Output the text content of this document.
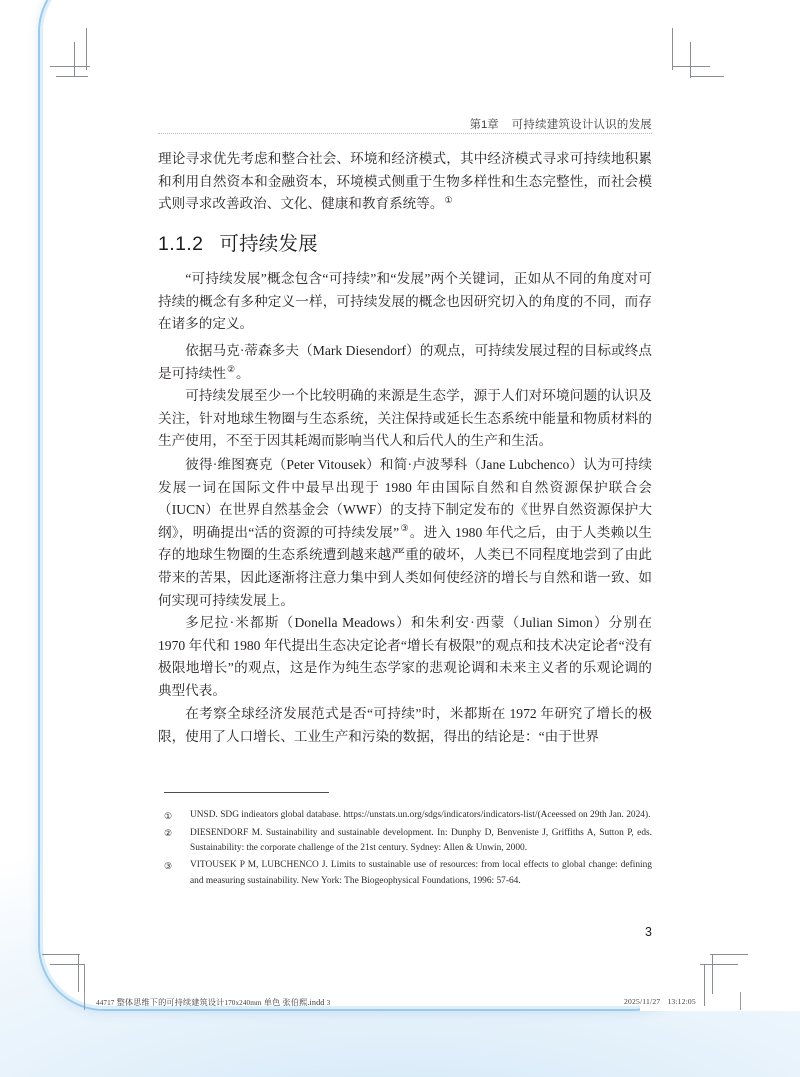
第1章 可持续建筑设计认识的发展

理论寻求优先考虑和整合社会、环境和经济模式，其中经济模式寻求可持续地积累和利用自然资本和金融资本，环境模式侧重于生物多样性和生态完整性，而社会模式则寻求改善政治、文化、健康和教育系统等。①

1.1.2 可持续发展

“可持续发展”概念包含“可持续”和“发展”两个关键词，正如从不同的角度对可持续的概念有多种定义一样，可持续发展的概念也因研究切入的角度的不同，而存在诸多的定义。

依据马克·蒂森多夫（Mark Diesendorf）的观点，可持续发展过程的目标或终点是可持续性②。

可持续发展至少一个比较明确的来源是生态学，源于人们对环境问题的认识及关注，针对地球生物圈与生态系统，关注保持或延长生态系统中能量和物质材料的生产使用，不至于因其耗竭而影响当代人和后代人的生产和生活。

彼得·维图赛克（Peter Vitousek）和简·卢波琴科（Jane Lubchenco）认为可持续发展一词在国际文件中最早出现于 1980 年由国际自然和自然资源保护联合会（IUCN）在世界自然基金会（WWF）的支持下制定发布的《世界自然资源保护大纲》，明确提出“活的资源的可持续发展”③。进入 1980 年代之后，由于人类赖以生存的地球生物圈的生态系统遭到越来越严重的破坏，人类已不同程度地尝到了由此带来的苦果，因此逐渐将注意力集中到人类如何使经济的增长与自然和谐一致、如何实现可持续发展上。

多尼拉·米都斯（Donella Meadows）和朱利安·西蒙（Julian Simon）分别在 1970 年代和 1980 年代提出生态决定论者“增长有极限”的观点和技术决定论者“没有极限地增长”的观点，这是作为纯生态学家的悲观论调和未来主义者的乐观论调的典型代表。

在考察全球经济发展范式是否“可持续”时，米都斯在 1972 年研究了增长的极限，使用了人口增长、工业生产和污染的数据，得出的结论是：“由于世界

①	UNSD. SDG indieators global database. https://unstats.un.org/sdgs/indicators/indicators-list/(Aceessed on 29th Jan. 2024).
②	DIESENDORF M. Sustainability and sustainable development. In: Dunphy D, Benveniste J, Griffiths A, Sutton P, eds. Sustainability: the corporate challenge of the 21st century. Sydney: Allen & Unwin, 2000.
③	VITOUSEK P M, LUBCHENCO J. Limits to sustainable use of resources: from local effects to global change: defining and measuring sustainability. New York: The Biogeophysical Foundations, 1996: 57-64.
3
44717 整体思维下的可持续建筑设计170x240mm 单色 张伯熙.indd 3	2025/11/27 13:12:05
